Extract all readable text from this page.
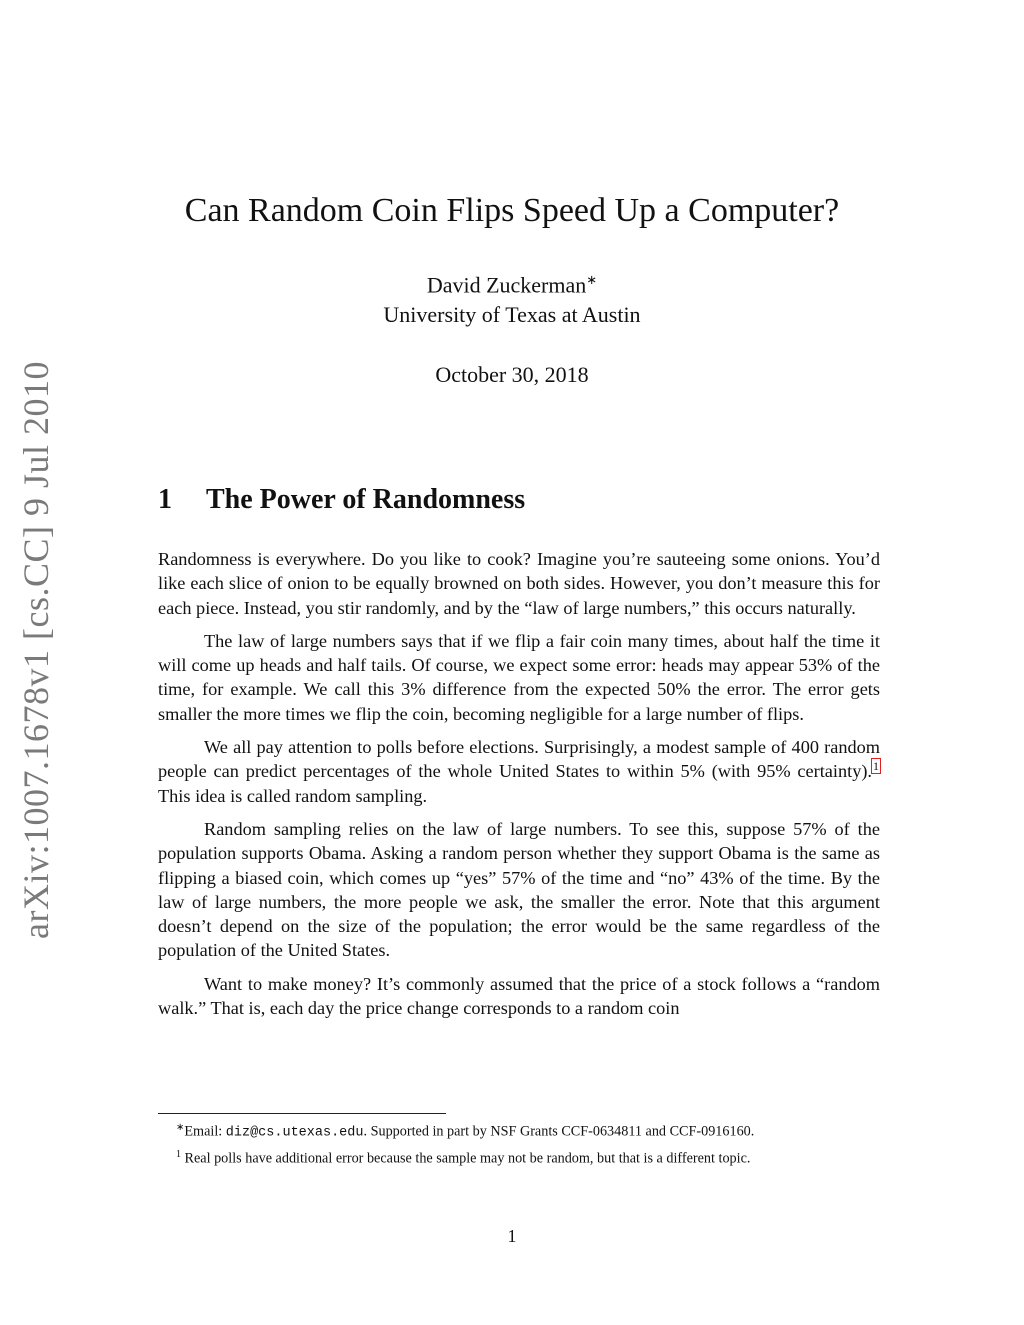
arXiv:1007.1678v1 [cs.CC] 9 Jul 2010
Can Random Coin Flips Speed Up a Computer?
David Zuckerman∗
University of Texas at Austin
October 30, 2018
1 The Power of Randomness

Randomness is everywhere. Do you like to cook? Imagine you’re sauteeing some onions. You’d like each slice of onion to be equally browned on both sides. However, you don’t measure this for each piece. Instead, you stir randomly, and by the “law of large numbers,” this occurs naturally.

The law of large numbers says that if we flip a fair coin many times, about half the time it will come up heads and half tails. Of course, we expect some error: heads may appear 53% of the time, for example. We call this 3% difference from the expected 50% the error. The error gets smaller the more times we flip the coin, becoming negligible for a large number of flips.

We all pay attention to polls before elections. Surprisingly, a modest sample of 400 random people can predict percentages of the whole United States to within 5% (with 95% certainty).$^1$ This idea is called random sampling.

Random sampling relies on the law of large numbers. To see this, suppose 57% of the population supports Obama. Asking a random person whether they support Obama is the same as flipping a biased coin, which comes up “yes” 57% of the time and “no” 43% of the time. By the law of large numbers, the more people we ask, the smaller the error. Note that this argument doesn’t depend on the size of the population; the error would be the same regardless of the population of the United States.

Want to make money? It’s commonly assumed that the price of a stock follows a “random walk.” That is, each day the price change corresponds to a random coin

∗Email: diz@cs.utexas.edu. Supported in part by NSF Grants CCF-0634811 and CCF-0916160.

$^1$ Real polls have additional error because the sample may not be random, but that is a different topic.

1
